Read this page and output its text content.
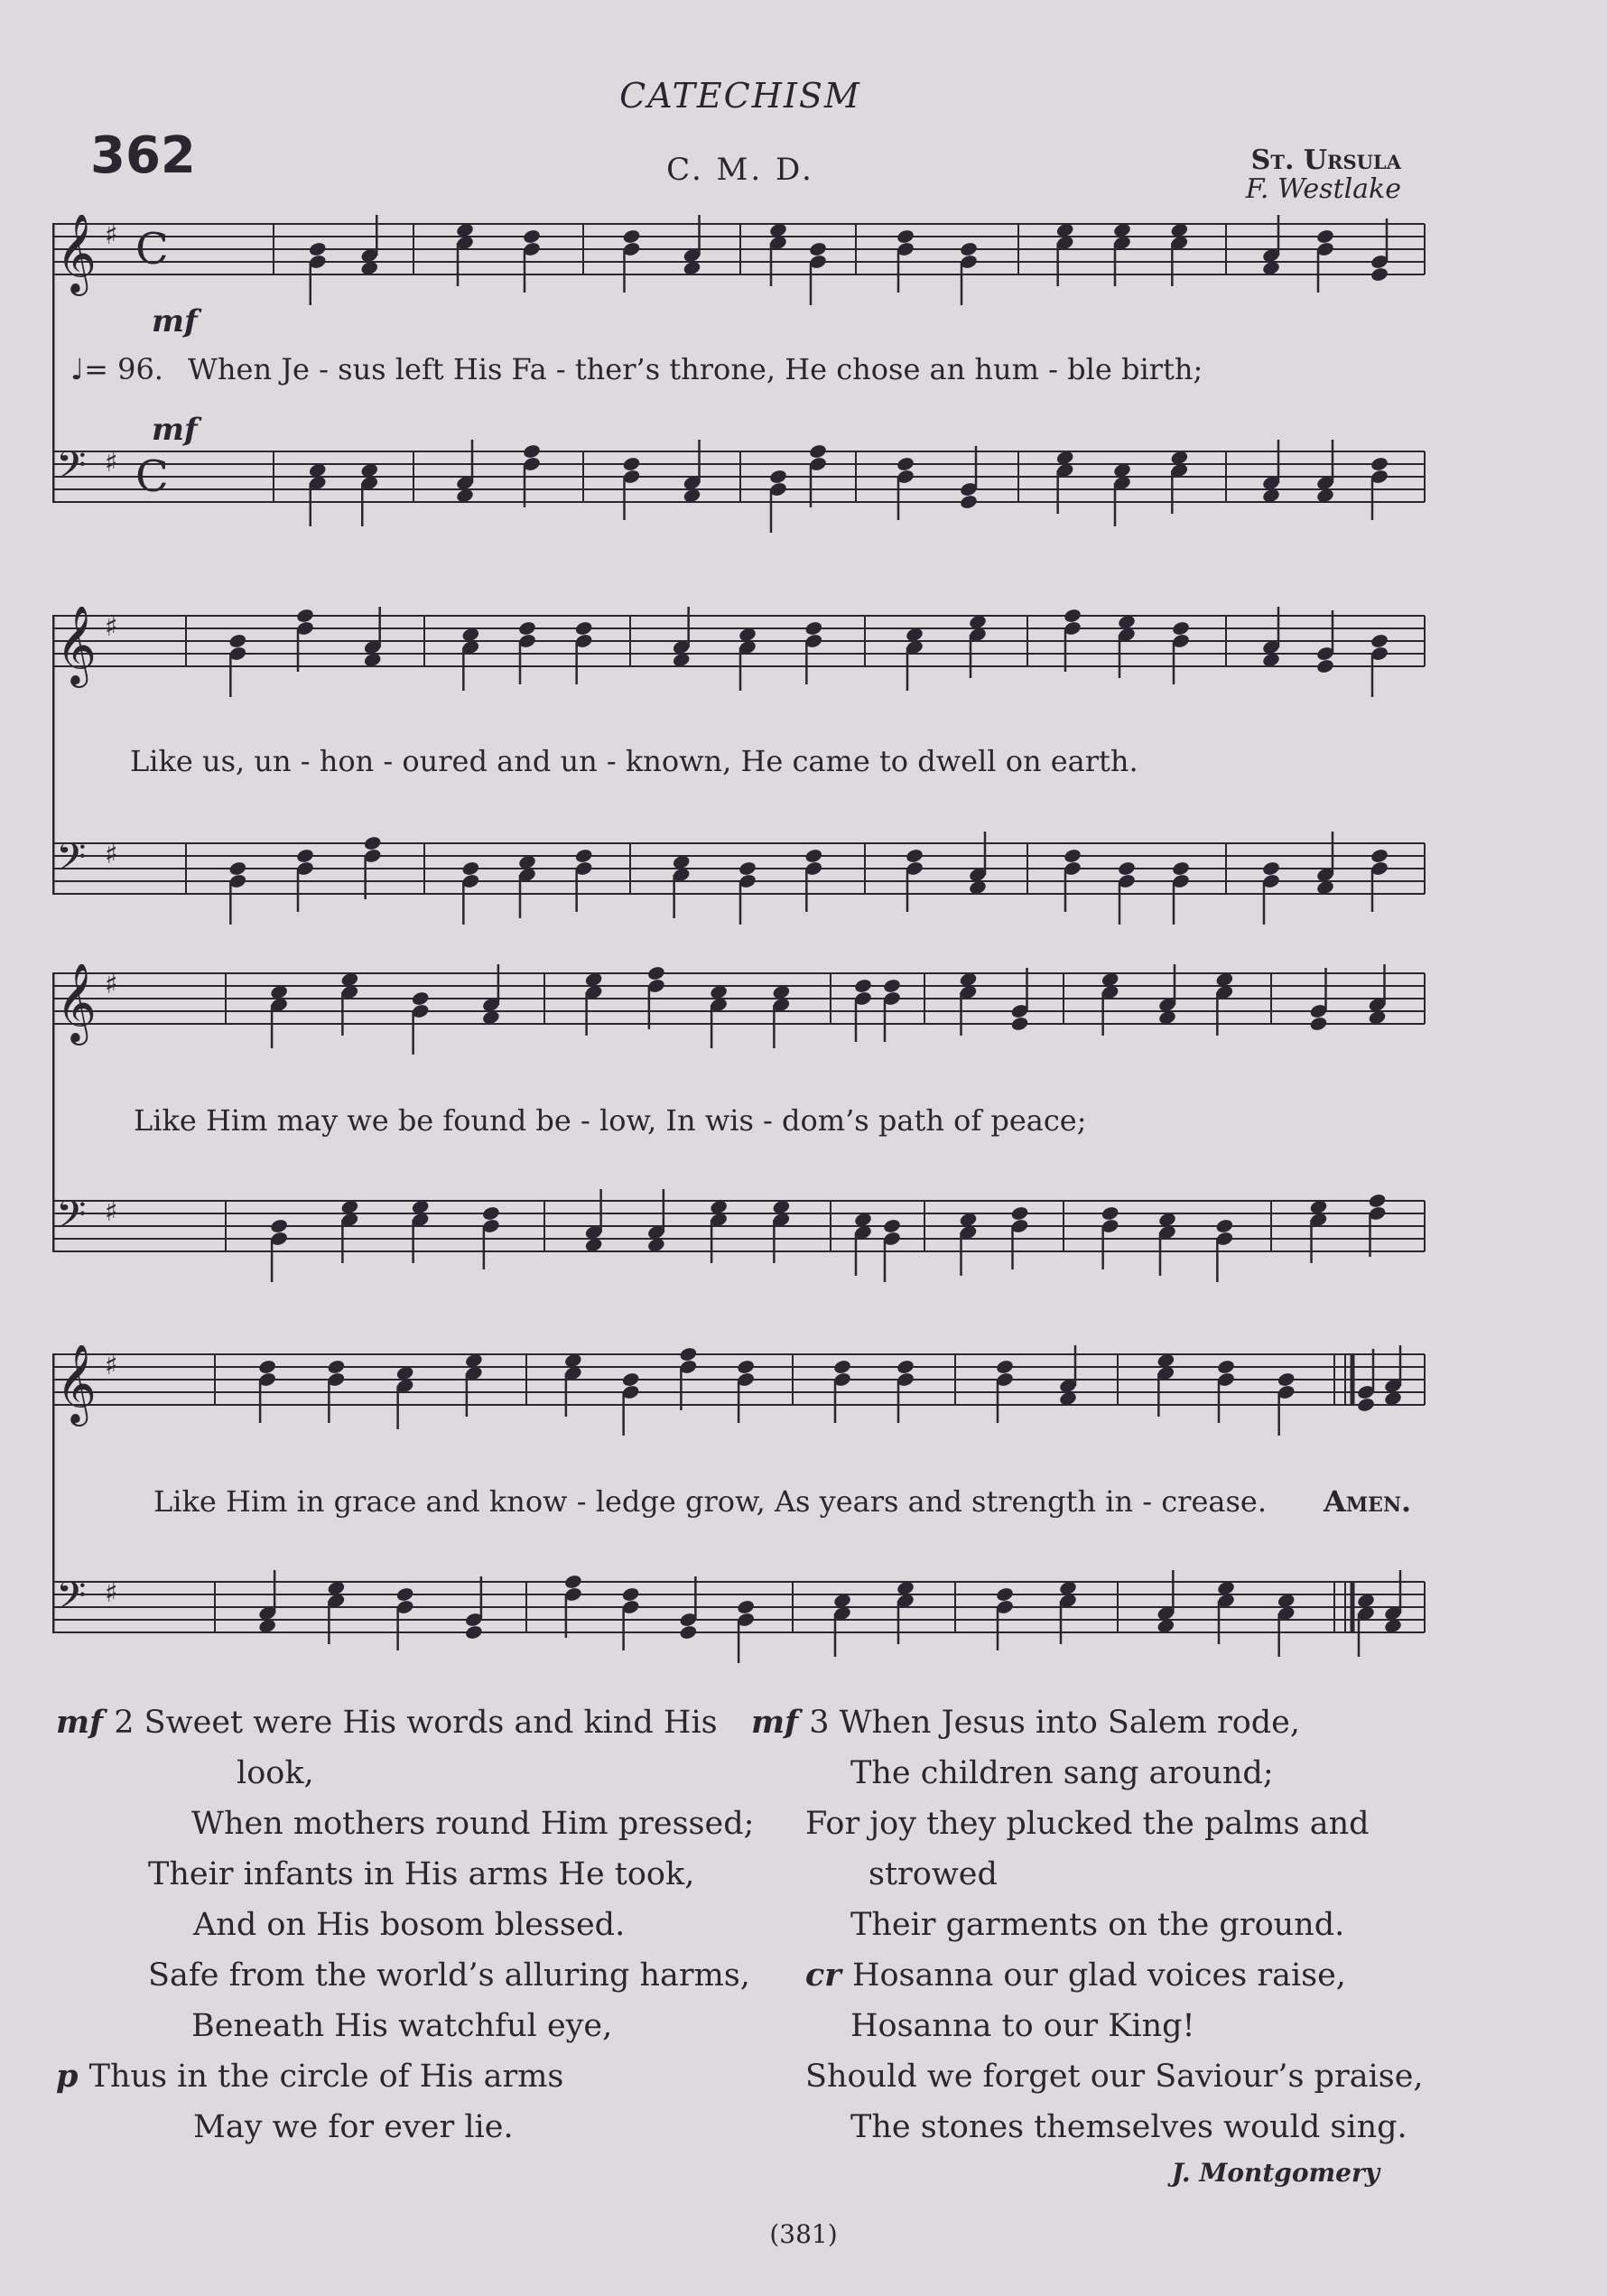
CATECHISM
362	C. M. D.	St. Ursula
F. Westlake
𝄞 ♯ C
𝄢 ♯ C
mf
mf
♩= 96. When Je - sus left His Fa - ther’s throne, He chose an hum - ble birth;
𝄞 ♯
𝄢 ♯
Like us, un - hon - oured and un - known, He came to dwell on earth.
𝄞 ♯
𝄢 ♯
Like Him may we be found be - low, In wis - dom’s path of peace;
𝄞 ♯
𝄢 ♯
Like Him in grace and know - ledge grow, As years and strength in - crease. Amen.
mf 2 Sweet were His words and kind His
look,
When mothers round Him pressed;
Their infants in His arms He took,
And on His bosom blessed.
Safe from the world’s alluring harms,
Beneath His watchful eye,
p Thus in the circle of His arms
May we for ever lie.
mf 3 When Jesus into Salem rode,
The children sang around;
For joy they plucked the palms and
strowed
Their garments on the ground.
cr Hosanna our glad voices raise,
Hosanna to our King!
Should we forget our Saviour’s praise,
The stones themselves would sing.
J. Montgomery
(381)
